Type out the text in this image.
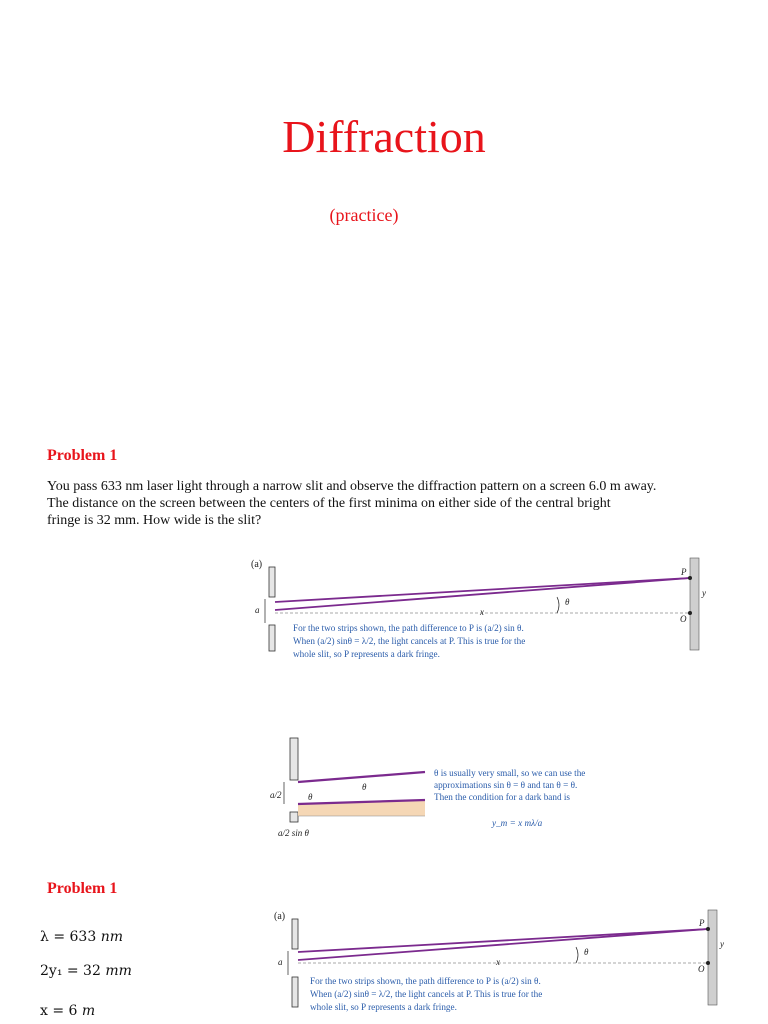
Diffraction
(practice)
Problem 1
You pass 633 nm laser light through a narrow slit and observe the diffraction pattern on a screen 6.0 m away.
The distance on the screen between the centers of the first minima on either side of the central bright
fringe is 32 mm. How wide is the slit?
(a)
a	x
θ
P
y
O
For the two strips shown, the path difference to P is (a/2) sin θ.
When (a/2) sinθ = λ/2, the light cancels at P. This is true for the
whole slit, so P represents a dark fringe.
a/2	θ
θ
a/2 sin θ
θ is usually very small, so we can use the
approximations sin θ = θ and tan θ = θ.
Then the condition for a dark band is
y_m = x mλ/a
Problem 1
λ = 633 nm
2y₁ = 32 mm
x = 6 m
(a)
a	x
θ
P
y
O
For the two strips shown, the path difference to P is (a/2) sin θ.
When (a/2) sinθ = λ/2, the light cancels at P. This is true for the
whole slit, so P represents a dark fringe.
